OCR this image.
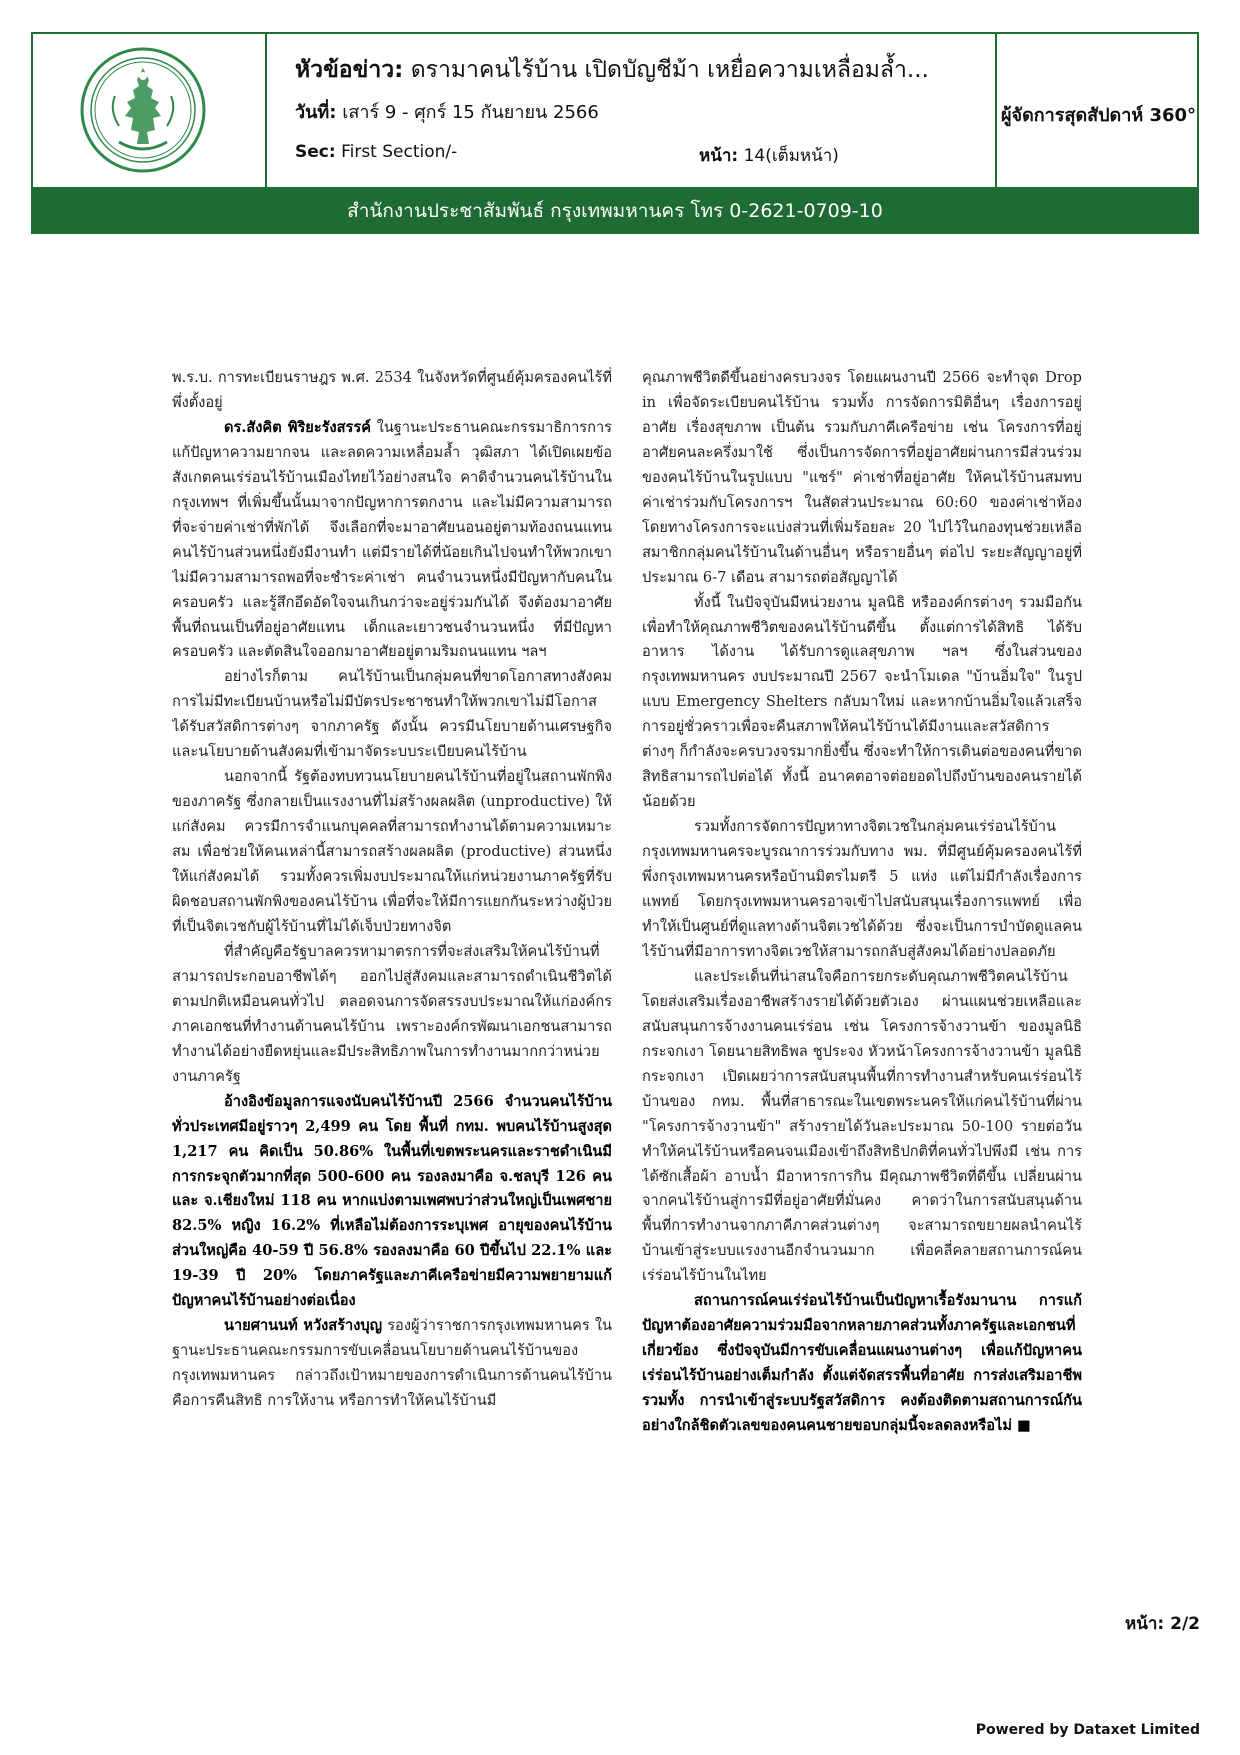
หัวข้อข่าว: ดรามาคนไร้บ้าน เปิดบัญชีม้า เหยื่อความเหลื่อมล้ำ...
วันที่: เสาร์ 9 - ศุกร์ 15 กันยายน 2566
Sec: First Section/-	หน้า: 14(เต็มหน้า)
ผู้จัดการสุดสัปดาห์ 360°
สำนักงานประชาสัมพันธ์ กรุงเทพมหานคร โทร 0-2621-0709-10

พ.ร.บ. การทะเบียนราษฎร พ.ศ. 2534 ในจังหวัดที่ศูนย์คุ้มครองคนไร้ที่พึ่งตั้งอยู่

ดร.สังคิต พิริยะรังสรรค์ ในฐานะประธานคณะกรรมาธิการการแก้ปัญหาความยากจน และลดความเหลื่อมล้ำ วุฒิสภา ได้เปิดเผยข้อสังเกตคนเร่ร่อนไร้บ้านเมืองไทยไว้อย่างสนใจ คาดิจำนวนคนไร้บ้านในกรุงเทพฯ ที่เพิ่มขึ้นนั้นมาจากปัญหาการตกงาน และไม่มีความสามารถที่จะจ่ายค่าเช่าที่พักได้ จึงเลือกที่จะมาอาศัยนอนอยู่ตามท้องถนนแทน คนไร้บ้านส่วนหนึ่งยังมีงานทำ แต่มีรายได้ที่น้อยเกินไปจนทำให้พวกเขาไม่มีความสามารถพอที่จะชำระค่าเช่า คนจำนวนหนึ่งมีปัญหากับคนในครอบครัว และรู้สึกอึดอัดใจจนเกินกว่าจะอยู่ร่วมกันได้ จึงต้องมาอาศัยพื้นที่ถนนเป็นที่อยู่อาศัยแทน เด็กและเยาวชนจำนวนหนึ่ง ที่มีปัญหาครอบครัว และตัดสินใจออกมาอาศัยอยู่ตามริมถนนแทน ฯลฯ

อย่างไรก็ตาม คนไร้บ้านเป็นกลุ่มคนที่ขาดโอกาสทางสังคม การไม่มีทะเบียนบ้านหรือไม่มีบัตรประชาชนทำให้พวกเขาไม่มีโอกาสได้รับสวัสดิการต่างๆ จากภาครัฐ ดังนั้น ควรมีนโยบายด้านเศรษฐกิจและนโยบายด้านสังคมที่เข้ามาจัดระบบระเบียบคนไร้บ้าน

นอกจากนี้ รัฐต้องทบทวนนโยบายคนไร้บ้านที่อยู่ในสถานพักพิงของภาครัฐ ซึ่งกลายเป็นแรงงานที่ไม่สร้างผลผลิต (unproductive) ให้แก่สังคม ควรมีการจำแนกบุคคลที่สามารถทำงานได้ตามความเหมาะสม เพื่อช่วยให้คนเหล่านี้สามารถสร้างผลผลิต (productive) ส่วนหนึ่งให้แก่สังคมได้ รวมทั้งควรเพิ่มงบประมาณให้แก่หน่วยงานภาครัฐที่รับผิดชอบสถานพักพิงของคนไร้บ้าน เพื่อที่จะให้มีการแยกกันระหว่างผู้ป่วยที่เป็นจิตเวชกับผู้ไร้บ้านที่ไม่ได้เจ็บป่วยทางจิต

ที่สำคัญคือรัฐบาลควรหามาตรการที่จะส่งเสริมให้คนไร้บ้านที่สามารถประกอบอาชีพได้ๆ ออกไปสู่สังคมและสามารถดำเนินชีวิตได้ตามปกติเหมือนคนทั่วไป ตลอดจนการจัดสรรงบประมาณให้แก่องค์กรภาคเอกชนที่ทำงานด้านคนไร้บ้าน เพราะองค์กรพัฒนาเอกชนสามารถทำงานได้อย่างยืดหยุ่นและมีประสิทธิภาพในการทำงานมากกว่าหน่วยงานภาครัฐ

อ้างอิงข้อมูลการแจงนับคนไร้บ้านปี 2566 จำนวนคนไร้บ้านทั่วประเทศมีอยู่ราวๆ 2,499 คน โดย พื้นที่ กทม. พบคนไร้บ้านสูงสุด 1,217 คน คิดเป็น 50.86% ในพื้นที่เขตพระนครและราชดำเนินมีการกระจุกตัวมากที่สุด 500-600 คน รองลงมาคือ จ.ชลบุรี 126 คน และ จ.เชียงใหม่ 118 คน หากแบ่งตามเพศพบว่าส่วนใหญ่เป็นเพศชาย 82.5% หญิง 16.2% ที่เหลือไม่ต้องการระบุเพศ อายุของคนไร้บ้านส่วนใหญ่คือ 40-59 ปี 56.8% รองลงมาคือ 60 ปีขึ้นไป 22.1% และ 19-39 ปี 20% โดยภาครัฐและภาคีเครือข่ายมีความพยายามแก้ปัญหาคนไร้บ้านอย่างต่อเนื่อง

นายศานนท์ หวังสร้างบุญ รองผู้ว่าราชการกรุงเทพมหานคร ในฐานะประธานคณะกรรมการขับเคลื่อนนโยบายด้านคนไร้บ้านของกรุงเทพมหานคร กล่าวถึงเป้าหมายของการดำเนินการด้านคนไร้บ้านคือการคืนสิทธิ การให้งาน หรือการทำให้คนไร้บ้านมี

คุณภาพชีวิตดีขึ้นอย่างครบวงจร โดยแผนงานปี 2566 จะทำจุด Drop in เพื่อจัดระเบียบคนไร้บ้าน รวมทั้ง การจัดการมิติอื่นๆ เรื่องการอยู่อาศัย เรื่องสุขภาพ เป็นต้น รวมกับภาคีเครือข่าย เช่น โครงการที่อยู่อาศัยคนละครึ่งมาใช้ ซึ่งเป็นการจัดการที่อยู่อาศัยผ่านการมีส่วนร่วมของคนไร้บ้านในรูปแบบ "แชร์" ค่าเช่าที่อยู่อาศัย ให้คนไร้บ้านสมทบค่าเช่าร่วมกับโครงการฯ ในสัดส่วนประมาณ 60:60 ของค่าเช่าห้อง โดยทางโครงการจะแบ่งส่วนที่เพิ่มร้อยละ 20 ไปไว้ในกองทุนช่วยเหลือสมาชิกกลุ่มคนไร้บ้านในด้านอื่นๆ หรือรายอื่นๆ ต่อไป ระยะสัญญาอยู่ที่ประมาณ 6-7 เดือน สามารถต่อสัญญาได้

ทั้งนี้ ในปัจจุบันมีหน่วยงาน มูลนิธิ หรือองค์กรต่างๆ รวมมือกันเพื่อทำให้คุณภาพชีวิตของคนไร้บ้านดีขึ้น ตั้งแต่การได้สิทธิ ได้รับอาหาร ได้งาน ได้รับการดูแลสุขภาพ ฯลฯ ซึ่งในส่วนของกรุงเทพมหานคร งบประมาณปี 2567 จะนำโมเดล "บ้านอิ่มใจ" ในรูปแบบ Emergency Shelters กลับมาใหม่ และหากบ้านอิ่มใจแล้วเสร็จ การอยู่ชั่วคราวเพื่อจะคืนสภาพให้คนไร้บ้านได้มีงานและสวัสดิการต่างๆ ก็กำลังจะครบวงจรมากยิ่งขึ้น ซึ่งจะทำให้การเดินต่อของคนที่ขาดสิทธิสามารถไปต่อได้ ทั้งนี้ อนาคตอาจต่อยอดไปถึงบ้านของคนรายได้น้อยด้วย

รวมทั้งการจัดการปัญหาทางจิตเวชในกลุ่มคนเร่ร่อนไร้บ้าน กรุงเทพมหานครจะบูรณาการร่วมกับทาง พม. ที่มีศูนย์คุ้มครองคนไร้ที่พึ่งกรุงเทพมหานครหรือบ้านมิตรไมตรี 5 แห่ง แต่ไม่มีกำลังเรื่องการแพทย์ โดยกรุงเทพมหานครอาจเข้าไปสนับสนุนเรื่องการแพทย์ เพื่อทำให้เป็นศูนย์ที่ดูแลทางด้านจิตเวชได้ด้วย ซึ่งจะเป็นการบำบัดดูแลคนไร้บ้านที่มีอาการทางจิตเวชให้สามารถกลับสู่สังคมได้อย่างปลอดภัย

และประเด็นที่น่าสนใจคือการยกระดับคุณภาพชีวิตคนไร้บ้านโดยส่งเสริมเรื่องอาชีพสร้างรายได้ด้วยตัวเอง ผ่านแผนช่วยเหลือและสนับสนุนการจ้างงานคนเร่ร่อน เช่น โครงการจ้างวานข้า ของมูลนิธิกระจกเงา โดยนายสิทธิพล ชูประจง หัวหน้าโครงการจ้างวานข้า มูลนิธิกระจกเงา เปิดเผยว่าการสนับสนุนพื้นที่การทำงานสำหรับคนเร่ร่อนไร้บ้านของ กทม. พื้นที่สาธารณะในเขตพระนครให้แก่คนไร้บ้านที่ผ่าน "โครงการจ้างวานข้า" สร้างรายได้วันละประมาณ 50-100 รายต่อวัน ทำให้คนไร้บ้านหรือคนจนเมืองเข้าถึงสิทธิปกติที่คนทั่วไปพึงมี เช่น การได้ซักเสื้อผ้า อาบน้ำ มีอาหารการกิน มีคุณภาพชีวิตที่ดีขึ้น เปลี่ยนผ่านจากคนไร้บ้านสู่การมีที่อยู่อาศัยที่มั่นคง คาดว่าในการสนับสนุนด้านพื้นที่การทำงานจากภาคีภาคส่วนต่างๆ จะสามารถขยายผลนำคนไร้บ้านเข้าสู่ระบบแรงงานอีกจำนวนมาก เพื่อคลี่คลายสถานการณ์คนเร่ร่อนไร้บ้านในไทย

สถานการณ์คนเร่ร่อนไร้บ้านเป็นปัญหาเรื้อรังมานาน การแก้ปัญหาต้องอาศัยความร่วมมือจากหลายภาคส่วนทั้งภาครัฐและเอกชนที่เกี่ยวข้อง ซึ่งปัจจุบันมีการขับเคลื่อนแผนงานต่างๆ เพื่อแก้ปัญหาคนเร่ร่อนไร้บ้านอย่างเต็มกำลัง ตั้งแต่จัดสรรพื้นที่อาศัย การส่งเสริมอาชีพ รวมทั้ง การนำเข้าสู่ระบบรัฐสวัสดิการ คงต้องติดตามสถานการณ์กันอย่างใกล้ชิดตัวเลขของคนคนชายขอบกลุ่มนี้จะลดลงหรือไม่ ■

หน้า: 2/2
Powered by Dataxet Limited
